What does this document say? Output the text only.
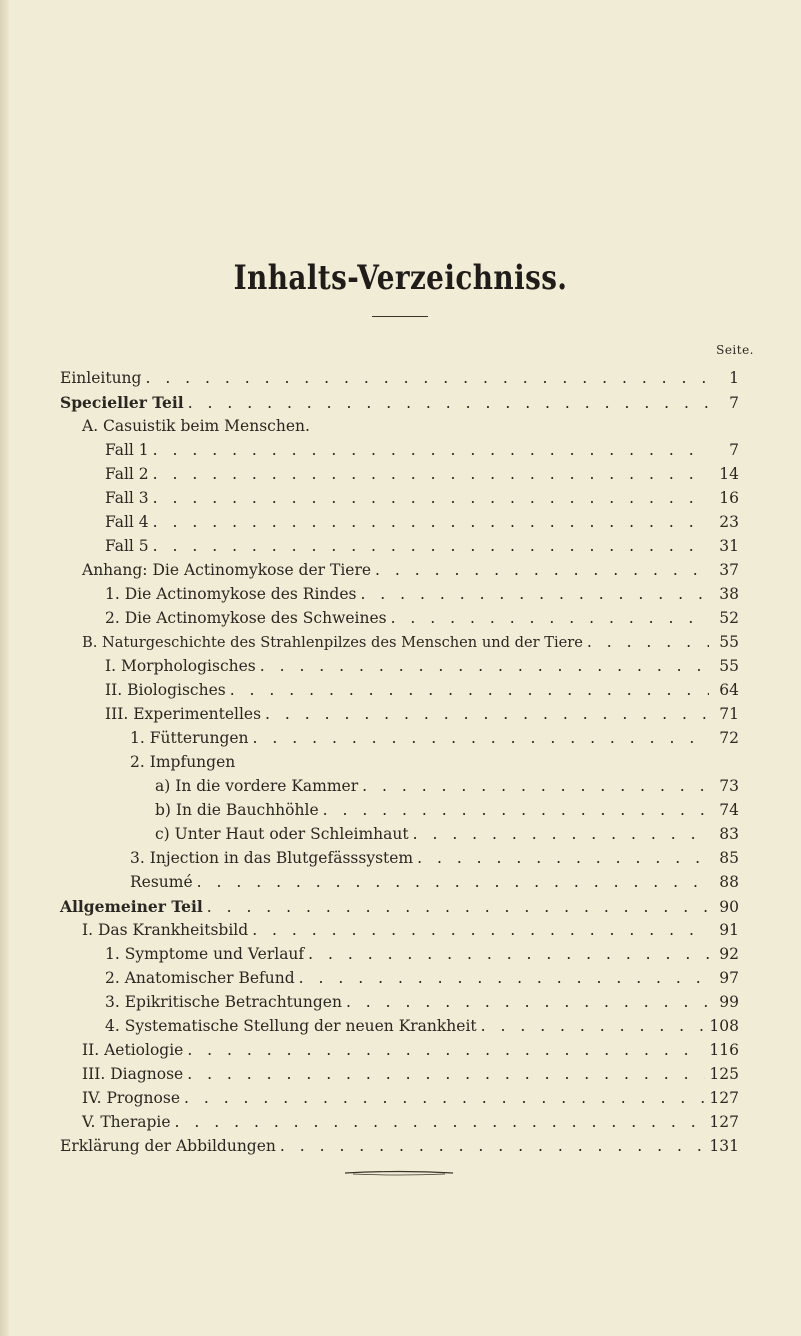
Inhalts-Verzeichniss.
Seite.
Einleitung . . .	1
Specieller Teil . . .	7
A. Casuistik beim Menschen.
Fall 1 . . .	7
Fall 2 . . .	14
Fall 3 . . .	16
Fall 4 . . .	23
Fall 5 . . .	31
Anhang: Die Actinomykose der Tiere . . .	37
1. Die Actinomykose des Rindes . . .	38
2. Die Actinomykose des Schweines . . .	52
B. Naturgeschichte des Strahlenpilzes des Menschen und der Tiere . . .	55
I. Morphologisches . . .	55
II. Biologisches . . .	64
III. Experimentelles . . .	71
1. Fütterungen . . .	72
2. Impfungen
a) In die vordere Kammer . . .	73
b) In die Bauchhöhle . . .	74
c) Unter Haut oder Schleimhaut . . .	83
3. Injection in das Blutgefässsystem . . .	85
Resumé . . .	88
Allgemeiner Teil . . .	90
I. Das Krankheitsbild . . .	91
1. Symptome und Verlauf . . .	92
2. Anatomischer Befund . . .	97
3. Epikritische Betrachtungen . . .	99
4. Systematische Stellung der neuen Krankheit . . .	108
II. Aetiologie . . .	116
III. Diagnose . . .	125
IV. Prognose . . .	127
V. Therapie . . .	127
Erklärung der Abbildungen . . .	131
